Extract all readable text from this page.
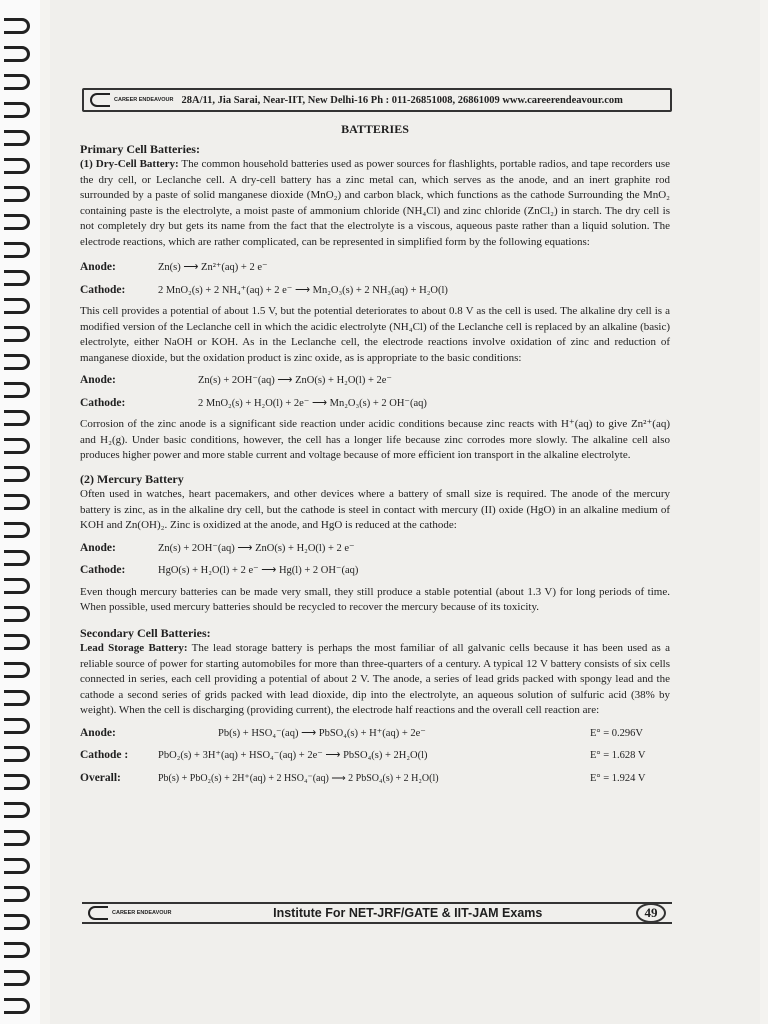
CAREER ENDEAVOUR 28A/11, Jia Sarai, Near-IIT, New Delhi-16 Ph : 011-26851008, 26861009 www.careerendeavour.com
BATTERIES
Primary Cell Batteries:

(1) Dry-Cell Battery: The common household batteries used as power sources for flashlights, portable radios, and tape recorders use the dry cell, or Leclanche cell. A dry-cell battery has a zinc metal can, which serves as the anode, and an inert graphite rod surrounded by a paste of solid manganese dioxide (MnO₂) and carbon black, which functions as the cathode Surrounding the MnO₂ containing paste is the electrolyte, a moist paste of ammonium chloride (NH₄Cl) and zinc chloride (ZnCl₂) in starch. The dry cell is not completely dry but gets its name from the fact that the electrolyte is a viscous, aqueous paste rather than a liquid solution. The electrode reactions, which are rather complicated, can be represented in simplified form by the following equations:

Anode:	Zn(s) ⟶ Zn²⁺(aq) + 2 e⁻
Cathode:	2 MnO₂(s) + 2 NH₄⁺(aq) + 2 e⁻ ⟶ Mn₂O₃(s) + 2 NH₃(aq) + H₂O(l)

This cell provides a potential of about 1.5 V, but the potential deteriorates to about 0.8 V as the cell is used. The alkaline dry cell is a modified version of the Leclanche cell in which the acidic electrolyte (NH₄Cl) of the Leclanche cell is replaced by an alkaline (basic) electrolyte, either NaOH or KOH. As in the Leclanche cell, the electrode reactions involve oxidation of zinc and reduction of manganese dioxide, but the oxidation product is zinc oxide, as is appropriate to the basic conditions:

Anode:	Zn(s) + 2OH⁻(aq) ⟶ ZnO(s) + H₂O(l) + 2e⁻
Cathode:	2 MnO₂(s) + H₂O(l) + 2e⁻ ⟶ Mn₂O₃(s) + 2 OH⁻(aq)

Corrosion of the zinc anode is a significant side reaction under acidic conditions because zinc reacts with H⁺(aq) to give Zn²⁺(aq) and H₂(g). Under basic conditions, however, the cell has a longer life because zinc corrodes more slowly. The alkaline cell also produces higher power and more stable current and voltage because of more efficient ion transport in the alkaline electrolyte.

(2) Mercury Battery

Often used in watches, heart pacemakers, and other devices where a battery of small size is required. The anode of the mercury battery is zinc, as in the alkaline dry cell, but the cathode is steel in contact with mercury (II) oxide (HgO) in an alkaline medium of KOH and Zn(OH)₂. Zinc is oxidized at the anode, and HgO is reduced at the cathode:

Anode:	Zn(s) + 2OH⁻(aq) ⟶ ZnO(s) + H₂O(l) + 2 e⁻
Cathode:	HgO(s) + H₂O(l) + 2 e⁻ ⟶ Hg(l) + 2 OH⁻(aq)

Even though mercury batteries can be made very small, they still produce a stable potential (about 1.3 V) for long periods of time. When possible, used mercury batteries should be recycled to recover the mercury because of its toxicity.

Secondary Cell Batteries:

Lead Storage Battery: The lead storage battery is perhaps the most familiar of all galvanic cells because it has been used as a reliable source of power for starting automobiles for more than three-quarters of a century. A typical 12 V battery consists of six cells connected in series, each cell providing a potential of about 2 V. The anode, a series of lead grids packed with spongy lead and the cathode a second series of grids packed with lead dioxide, dip into the electrolyte, an aqueous solution of sulfuric acid (38% by weight). When the cell is discharging (providing current), the electrode half reactions and the overall cell reaction are:

Anode:	Pb(s) + HSO₄⁻(aq) ⟶ PbSO₄(s) + H⁺(aq) + 2e⁻	E° = 0.296V
Cathode :	PbO₂(s) + 3H⁺(aq) + HSO₄⁻(aq) + 2e⁻ ⟶ PbSO₄(s) + 2H₂O(l)	E° = 1.628 V
Overall:	Pb(s) + PbO₂(s) + 2H⁺(aq) + 2 HSO₄⁻(aq) ⟶ 2 PbSO₄(s) + 2 H₂O(l)	E° = 1.924 V
CAREER ENDEAVOUR	Institute For NET-JRF/GATE & IIT-JAM Exams	49
